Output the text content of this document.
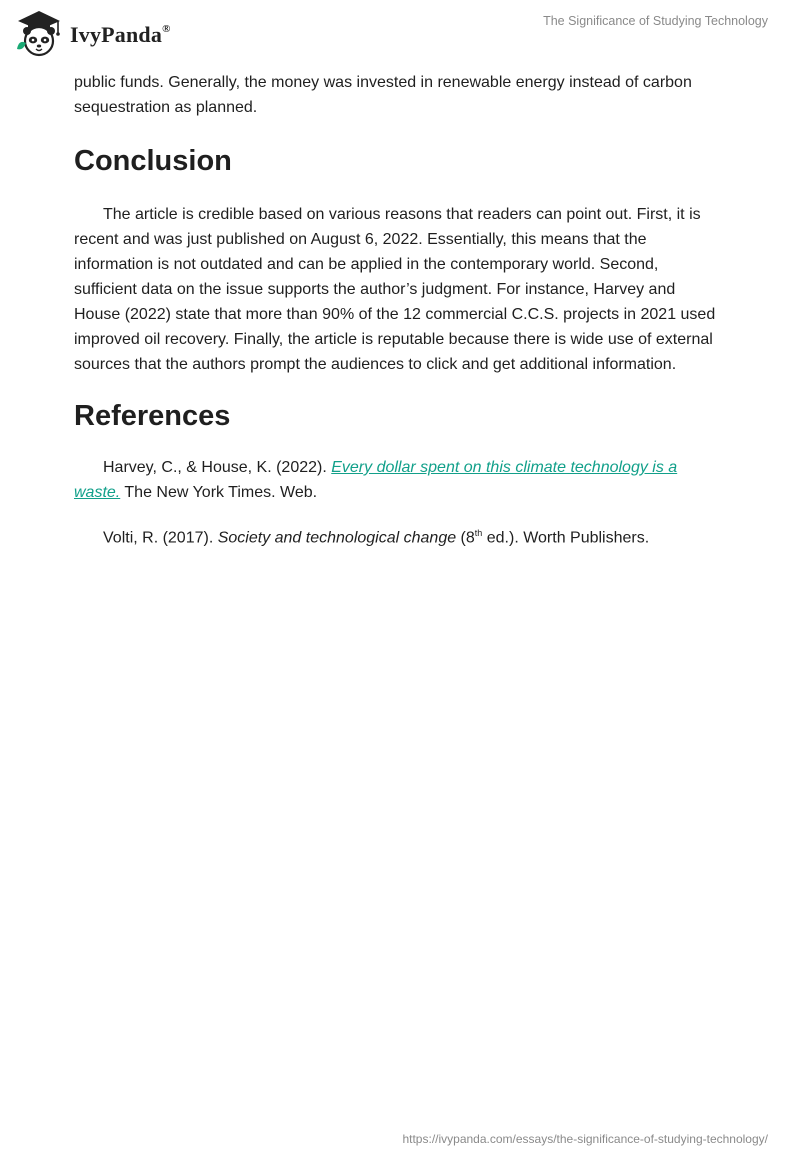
IvyPanda®
The Significance of Studying Technology

public funds. Generally, the money was invested in renewable energy instead of carbon sequestration as planned.

Conclusion

The article is credible based on various reasons that readers can point out. First, it is recent and was just published on August 6, 2022. Essentially, this means that the information is not outdated and can be applied in the contemporary world. Second, sufficient data on the issue supports the author’s judgment. For instance, Harvey and House (2022) state that more than 90% of the 12 commercial C.C.S. projects in 2021 used improved oil recovery. Finally, the article is reputable because there is wide use of external sources that the authors prompt the audiences to click and get additional information.

References

Harvey, C., & House, K. (2022). Every dollar spent on this climate technology is a waste. The New York Times. Web.

Volti, R. (2017). Society and technological change (8th ed.). Worth Publishers.

https://ivypanda.com/essays/the-significance-of-studying-technology/
